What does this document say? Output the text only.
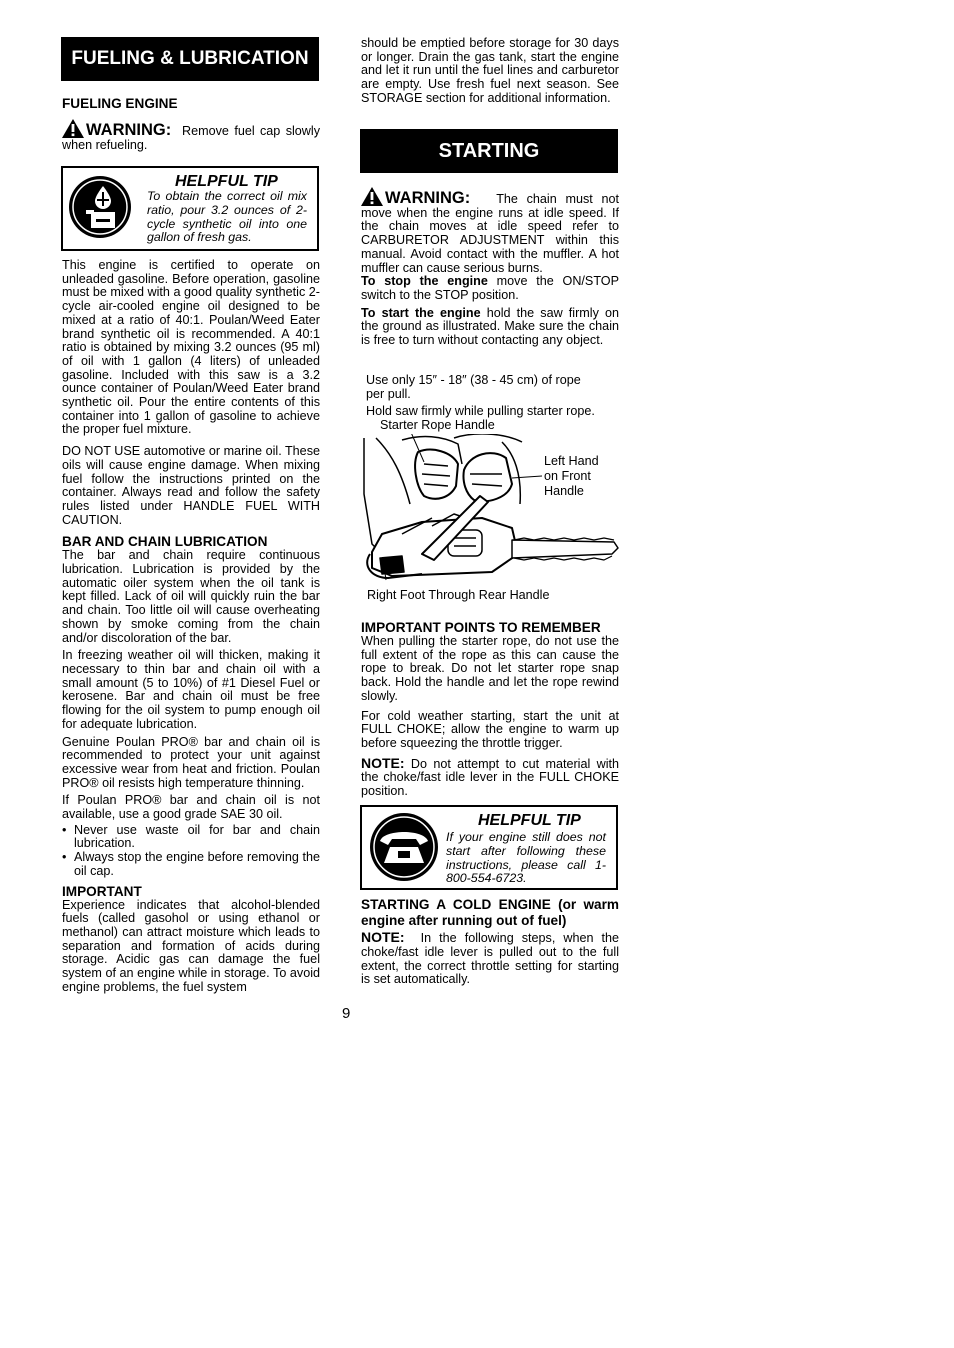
FUELING & LUBRICATION
FUELING ENGINE

WARNING: Remove fuel cap slowly when refueling.

HELPFUL TIP
To obtain the correct oil mix ratio, pour 3.2 ounces of 2-cycle synthetic oil into one gallon of fresh gas.

This engine is certified to operate on unleaded gasoline. Before operation, gasoline must be mixed with a good quality synthetic 2-cycle air-cooled engine oil designed to be mixed at a ratio of 40:1. Poulan/Weed Eater brand synthetic oil is recommended. A 40:1 ratio is obtained by mixing 3.2 ounces (95 ml) of oil with 1 gallon (4 liters) of unleaded gasoline. Included with this saw is a 3.2 ounce container of Poulan/Weed Eater brand synthetic oil. Pour the entire contents of this container into 1 gallon of gasoline to achieve the proper fuel mixture.

DO NOT USE automotive or marine oil. These oils will cause engine damage. When mixing fuel follow the instructions printed on the container. Always read and follow the safety rules listed under HANDLE FUEL WITH CAUTION.

BAR AND CHAIN LUBRICATION

The bar and chain require continuous lubrication. Lubrication is provided by the automatic oiler system when the oil tank is kept filled. Lack of oil will quickly ruin the bar and chain. Too little oil will cause overheating shown by smoke coming from the chain and/or discoloration of the bar.

In freezing weather oil will thicken, making it necessary to thin bar and chain oil with a small amount (5 to 10%) of #1 Diesel Fuel or kerosene. Bar and chain oil must be free flowing for the oil system to pump enough oil for adequate lubrication.

Genuine Poulan PRO® bar and chain oil is recommended to protect your unit against excessive wear from heat and friction. Poulan PRO® oil resists high temperature thinning.

If Poulan PRO® bar and chain oil is not available, use a good grade SAE 30 oil.

• Never use waste oil for bar and chain lubrication.
• Always stop the engine before removing the oil cap.
IMPORTANT

Experience indicates that alcohol-blended fuels (called gasohol or using ethanol or methanol) can attract moisture which leads to separation and formation of acids during storage. Acidic gas can damage the fuel system of an engine while in storage. To avoid engine problems, the fuel system

should be emptied before storage for 30 days or longer. Drain the gas tank, start the engine and let it run until the fuel lines and carburetor are empty. Use fresh fuel next season. See STORAGE section for additional information.

STARTING

WARNING: The chain must not move when the engine runs at idle speed. If the chain moves at idle speed refer to CARBURETOR ADJUSTMENT within this manual. Avoid contact with the muffler. A hot muffler can cause serious burns.

To stop the engine move the ON/STOP switch to the STOP position.

To start the engine hold the saw firmly on the ground as illustrated. Make sure the chain is free to turn without contacting any object.

Use only 15″ - 18″ (38 - 45 cm) of rope per pull.
Hold saw firmly while pulling starter rope.
Starter Rope Handle
Left Hand on Front Handle
Right Foot Through Rear Handle
IMPORTANT POINTS TO REMEMBER

When pulling the starter rope, do not use the full extent of the rope as this can cause the rope to break. Do not let starter rope snap back. Hold the handle and let the rope rewind slowly.

For cold weather starting, start the unit at FULL CHOKE; allow the engine to warm up before squeezing the throttle trigger.

NOTE: Do not attempt to cut material with the choke/fast idle lever in the FULL CHOKE position.

HELPFUL TIP
If your engine still does not start after following these instructions, please call 1-800-554-6723.
STARTING A COLD ENGINE (or warm engine after running out of fuel)

NOTE: In the following steps, when the choke/fast idle lever is pulled out to the full extent, the correct throttle setting for starting is set automatically.

9
